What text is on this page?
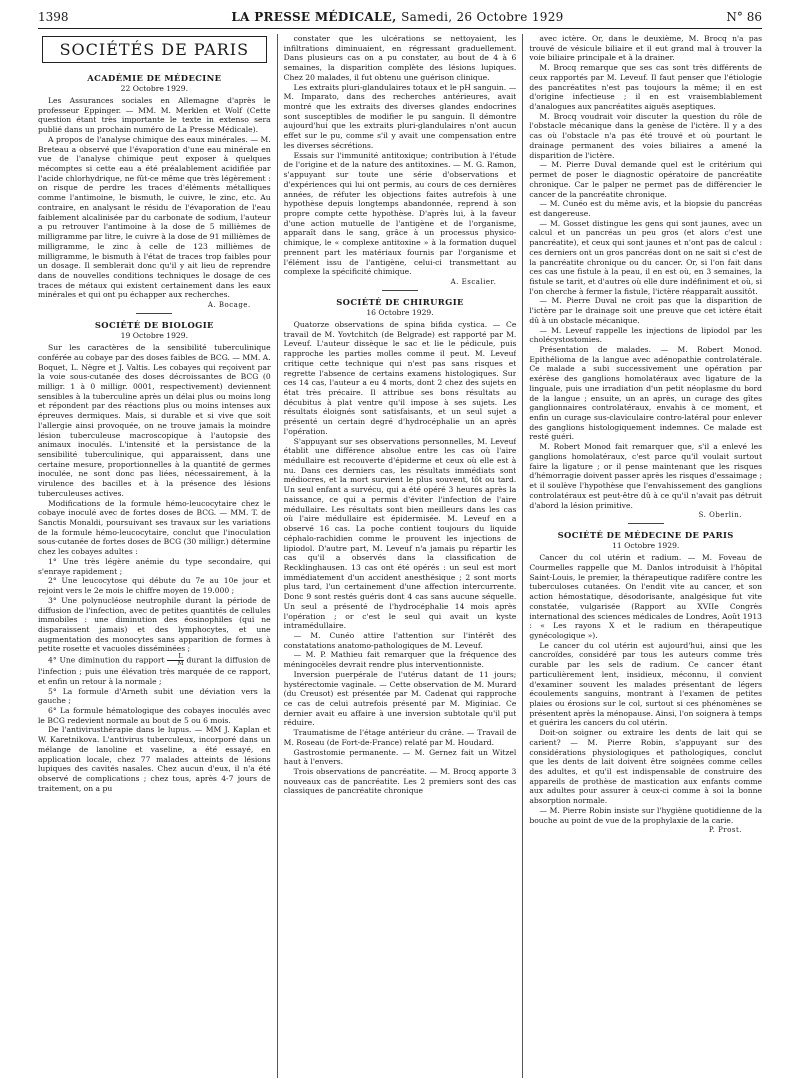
1398	LA PRESSE MÉDICALE, Samedi, 26 Octobre 1929	N° 86
SOCIÉTÉS DE PARIS
ACADÉMIE DE MÉDECINE
22 Octobre 1929.

Les Assurances sociales en Allemagne d'après le professeur Eppinger. — MM. M. Merklen et Wolf (Cette question étant très importante le texte in extenso sera publié dans un prochain numéro de La Presse Médicale).

A propos de l'analyse chimique des eaux minérales. — M. Breteau a observé que l'évaporation d'une eau minérale en vue de l'analyse chimique peut exposer à quelques mécomptes si cette eau a été préalablement acidifiée par l'acide chlorhydrique, ne fût-ce même que très légèrement : on risque de perdre les traces d'éléments métalliques comme l'antimoine, le bismuth, le cuivre, le zinc, etc. Au contraire, en analysant le résidu de l'évaporation de l'eau faiblement alcalinisée par du carbonate de sodium, l'auteur a pu retrouver l'antimoine à la dose de 5 millièmes de milligramme par litre, le cuivre à la dose de 91 millièmes de milligramme, le zinc à celle de 123 millièmes de milligramme, le bismuth à l'état de traces trop faibles pour un dosage. Il semblerait donc qu'il y ait lieu de reprendre dans de nouvelles conditions techniques le dosage de ces traces de métaux qui existent certainement dans les eaux minérales et qui ont pu échapper aux recherches.

A. Bocage.
SOCIÉTÉ DE BIOLOGIE
19 Octobre 1929.

Sur les caractères de la sensibilité tuberculinique conférée au cobaye par des doses faibles de BCG. — MM. A. Boquet, L. Nègre et J. Valtis. Les cobayes qui reçoivent par la voie sous-cutanée des doses décroissantes de BCG (0 milligr. 1 à 0 milligr. 0001, respectivement) deviennent sensibles à la tuberculine après un délai plus ou moins long et répondent par des réactions plus ou moins intenses aux épreuves dermiques. Mais, si durable et si vive que soit l'allergie ainsi provoquée, on ne trouve jamais la moindre lésion tuberculeuse macroscopique à l'autopsie des animaux inoculés. L'intensité et la persistance de la sensibilité tuberculinique, qui apparaissent, dans une certaine mesure, proportionnelles à la quantité de germes inoculée, ne sont donc pas liées, nécessairement, à la virulence des bacilles et à la présence des lésions tuberculeuses actives.

Modifications de la formule hémo-leucocytaire chez le cobaye inoculé avec de fortes doses de BCG. — MM. T. de Sanctis Monaldi, poursuivant ses travaux sur les variations de la formule hémo-leucocytaire, conclut que l'inoculation sous-cutanée de fortes doses de BCG (30 milligr.) détermine chez les cobayes adultes :

1° Une très légère anémie du type secondaire, qui s'enraye rapidement ;

2° Une leucocytose qui débute du 7e au 10e jour et rejoint vers le 2e mois le chiffre moyen de 19.000 ;

3° Une polynucléose neutrophile durant la période de diffusion de l'infection, avec de petites quantités de cellules immobiles : une diminution des éosinophiles (qui ne disparaissent jamais) et des lymphocytes, et une augmentation des monocytes sans apparition de formes à petite rosette et vacuoles disséminées ;

4° Une diminution du rapport $\frac{L}{M}$ durant la diffusion de l'infection ; puis une élévation très marquée de ce rapport, et enfin un retour à la normale ;

5° La formule d'Arneth subit une déviation vers la gauche ;

6° La formule hématologique des cobayes inoculés avec le BCG redevient normale au bout de 5 ou 6 mois.

De l'antivirusthérapie dans le lupus. — MM J. Kaplan et W. Karetnikova. L'antivirus tuberculeux, incorporé dans un mélange de lanoline et vaseline, a été essayé, en application locale, chez 77 malades atteints de lésions lupiques des cavités nasales. Chez aucun d'eux, il n'a été observé de complications ; chez tous, après 4-7 jours de traitement, on a pu

constater que les ulcérations se nettoyaient, les infiltrations diminuaient, en régressant graduellement. Dans plusieurs cas on a pu constater, au bout de 4 à 6 semaines, la disparition complète des lésions lupiques. Chez 20 malades, il fut obtenu une guérison clinique.

Les extraits pluri-glandulaires totaux et le pH sanguin. — M. Imparato, dans des recherches antérieures, avait montré que les extraits des diverses glandes endocrines sont susceptibles de modifier le pu sanguin. Il démontre aujourd'hui que les extraits pluri-glandulaires n'ont aucun effet sur le pu, comme s'il y avait une compensation entre les diverses sécrétions.

Essais sur l'immunité antitoxique; contribution à l'étude de l'origine et de la nature des antitoxines. — M. G. Ramon, s'appuyant sur toute une série d'observations et d'expériences qui lui ont permis, au cours de ces dernières années, de réfuter les objections faites autrefois à une hypothèse depuis longtemps abandonnée, reprend à son propre compte cette hypothèse. D'après lui, à la faveur d'une action mutuelle de l'antigène et de l'organisme, apparaît dans le sang, grâce à un processus physico-chimique, le « complexe antitoxine » à la formation duquel prennent part les matériaux fournis par l'organisme et l'élément issu de l'antigène, celui-ci transmettant au complexe la spécificité chimique.

A. Escalier.
SOCIÉTÉ DE CHIRURGIE
16 Octobre 1929.

Quatorze observations de spina bifida cystica. — Ce travail de M. Yovtchitch (de Belgrade) est rapporté par M. Leveuf. L'auteur dissèque le sac et lie le pédicule, puis rapproche les parties molles comme il peut. M. Leveuf critique cette technique qui n'est pas sans risques et regrette l'absence de certains examens histologiques. Sur ces 14 cas, l'auteur a eu 4 morts, dont 2 chez des sujets en état très précaire. Il attribue ses bons résultats au décubitus à plat ventre qu'il impose à ses sujets. Les résultats éloignés sont satisfaisants, et un seul sujet a présenté un certain degré d'hydrocéphalie un an après l'opération.

S'appuyant sur ses observations personnelles, M. Leveuf établit une différence absolue entre les cas où l'aire médullaire est recouverte d'épiderme et ceux où elle est à nu. Dans ces derniers cas, les résultats immédiats sont médiocres, et la mort survient le plus souvent, tôt ou tard. Un seul enfant a survécu, qui a été opéré 3 heures après la naissance, ce qui a permis d'éviter l'infection de l'aire médullaire. Les résultats sont bien meilleurs dans les cas où l'aire médullaire est épidermisée. M. Leveuf en a observé 16 cas. La poche contient toujours du liquide céphalo-rachidien comme le prouvent les injections de lipiodol. D'autre part, M. Leveuf n'a jamais pu répartir les cas qu'il a observés dans la classification de Recklinghausen. 13 cas ont été opérés : un seul est mort immédiatement d'un accident anesthésique ; 2 sont morts plus tard, l'un certainement d'une affection intercurrente. Donc 9 sont restés guéris dont 4 cas sans aucune séquelle. Un seul a présenté de l'hydrocéphalie 14 mois après l'opération ; or c'est le seul qui avait un kyste intramédullaire.

— M. Cunéo attire l'attention sur l'intérêt des constatations anatomo-pathologiques de M. Leveuf.

— M. P. Mathieu fait remarquer que la fréquence des méningocèles devrait rendre plus interventionniste.

Inversion puerpérale de l'utérus datant de 11 jours; hystérectomie vaginale. — Cette observation de M. Murard (du Creusot) est présentée par M. Cadenat qui rapproche ce cas de celui autrefois présenté par M. Miginiac. Ce dernier avait eu affaire à une inversion subtotale qu'il put réduire.

Traumatisme de l'étage antérieur du crâne. — Travail de M. Roseau (de Fort-de-France) relaté par M. Houdard.

Gastrostomie permanente. — M. Gernez fait un Witzel haut à l'envers.

Trois observations de pancréatite. — M. Brocq apporte 3 nouveaux cas de pancréatite. Les 2 premiers sont des cas classiques de pancréatite chronique

avec ictère. Or, dans le deuxième, M. Brocq n'a pas trouvé de vésicule biliaire et il eut grand mal à trouver la voie biliaire principale et à la drainer.

M. Brocq remarque que ses cas sont très différents de ceux rapportés par M. Leveuf. Il faut penser que l'étiologie des pancréatites n'est pas toujours la même; il en est d'origine infectieuse ; il en est vraisemblablement d'analogues aux pancréatites aiguës aseptiques.

M. Brocq voudrait voir discuter la question du rôle de l'obstacle mécanique dans la genèse de l'ictère. Il y a des cas où l'obstacle n'a pas été trouvé et où pourtant le drainage permanent des voies biliaires a amené la disparition de l'ictère.

— M. Pierre Duval demande quel est le critérium qui permet de poser le diagnostic opératoire de pancréatite chronique. Car le palper ne permet pas de différencier le cancer de la pancréatite chronique.

— M. Cunéo est du même avis, et la biopsie du pancréas est dangereuse.

— M. Gosset distingue les gens qui sont jaunes, avec un calcul et un pancréas un peu gros (et alors c'est une pancréatite), et ceux qui sont jaunes et n'ont pas de calcul : ces derniers ont un gros pancréas dont on ne sait si c'est de la pancréatite chronique ou du cancer. Or, si l'on fait dans ces cas une fistule à la peau, il en est où, en 3 semaines, la fistule se tarit, et d'autres où elle dure indéfiniment et où, si l'on cherche à fermer la fistule, l'ictère réapparaît aussitôt.

— M. Pierre Duval ne croit pas que la disparition de l'ictère par le drainage soit une preuve que cet ictère était dû à un obstacle mécanique.

— M. Leveuf rappelle les injections de lipiodol par les cholécystostomies.

Présentation de malades. — M. Robert Monod. Epithélioma de la langue avec adénopathie controlatérale. Ce malade a subi successivement une opération par exérèse des ganglions homolatéraux avec ligature de la linguale, puis une irradiation d'un petit néoplasme du bord de la langue ; ensuite, un an après, un curage des gîtes ganglionnaires controlatéraux, envahis à ce moment, et enfin un curage sus-claviculaire contro-latéral pour enlever des ganglions histologiquement indemnes. Ce malade est resté guéri.

M. Robert Monod fait remarquer que, s'il a enlevé les ganglions homolatéraux, c'est parce qu'il voulait surtout faire la ligature ; or il pense maintenant que les risques d'hémorragie doivent passer après les risques d'essaimage ; et il soulève l'hypothèse que l'envahissement des ganglions controlatéraux est peut-être dû à ce qu'il n'avait pas détruit d'abord la lésion primitive.

S. Oberlin.
SOCIÉTÉ DE MÉDECINE DE PARIS
11 Octobre 1929.

Cancer du col utérin et radium. — M. Foveau de Courmelles rappelle que M. Danlos introduisit à l'hôpital Saint-Louis, le premier, la thérapeutique radifère contre les tuberculoses cutanées. On l'endit vite au cancer, et son action hémostatique, désodorisante, analgésique fut vite constatée, vulgarisée (Rapport au XVIIe Congrès international des sciences médicales de Londres, Août 1913 : « Les rayons X et le radium en thérapeutique gynécologique »).

Le cancer du col utérin est aujourd'hui, ainsi que les cancroïdes, considéré par tous les auteurs comme très curable par les sels de radium. Ce cancer étant particulièrement lent, insidieux, méconnu, il convient d'examiner souvent les malades présentant de légers écoulements sanguins, montrant à l'examen de petites plaies ou érosions sur le col, surtout si ces phénomènes se présentent après la ménopause. Ainsi, l'on soignera à temps et guérira les cancers du col utérin.

Doit-on soigner ou extraire les dents de lait qui se carient? — M. Pierre Robin, s'appuyant sur des considérations physiologiques et pathologiques, conclut que les dents de lait doivent être soignées comme celles des adultes, et qu'il est indispensable de construire des appareils de prothèse de mastication aux enfants comme aux adultes pour assurer à ceux-ci comme à soi la bonne absorption normale.

— M. Pierre Robin insiste sur l'hygiène quotidienne de la bouche au point de vue de la prophylaxie de la carie.

P. Prost.
